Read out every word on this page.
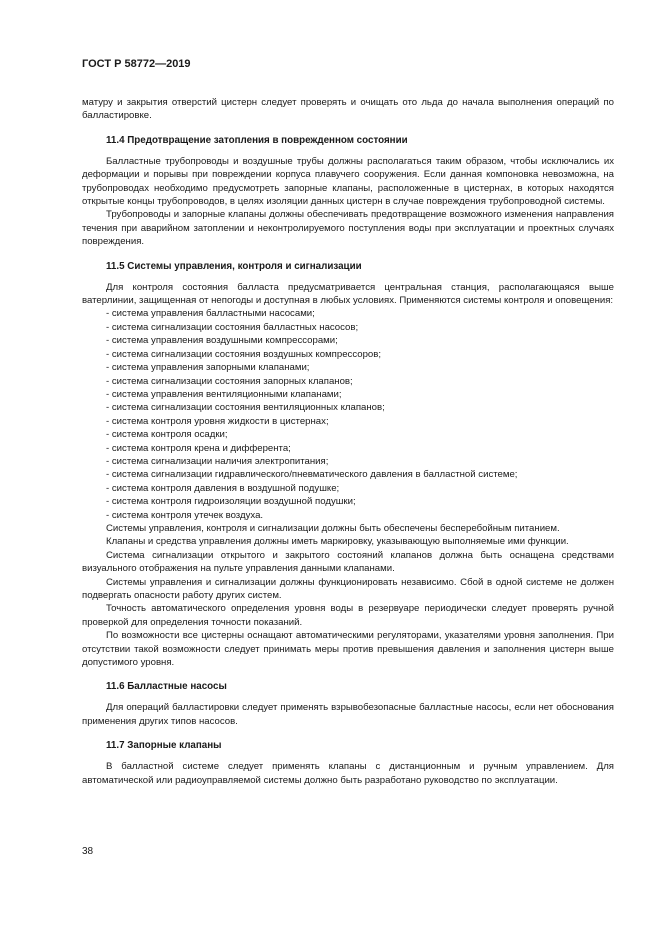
ГОСТ Р 58772—2019

матуру и закрытия отверстий цистерн следует проверять и очищать ото льда до начала выполнения операций по балластировке.

11.4 Предотвращение затопления в поврежденном состоянии

Балластные трубопроводы и воздушные трубы должны располагаться таким образом, чтобы исключались их деформации и порывы при повреждении корпуса плавучего сооружения. Если данная компоновка невозможна, на трубопроводах необходимо предусмотреть запорные клапаны, расположенные в цистернах, в которых находятся открытые концы трубопроводов, в целях изоляции данных цистерн в случае повреждения трубопроводной системы.

Трубопроводы и запорные клапаны должны обеспечивать предотвращение возможного изменения направления течения при аварийном затоплении и неконтролируемого поступления воды при эксплуатации и проектных случаях повреждения.

11.5 Системы управления, контроля и сигнализации

Для контроля состояния балласта предусматривается центральная станция, располагающаяся выше ватерлинии, защищенная от непогоды и доступная в любых условиях. Применяются системы контроля и оповещения:

- система управления балластными насосами;
- система сигнализации состояния балластных насосов;
- система управления воздушными компрессорами;
- система сигнализации состояния воздушных компрессоров;
- система управления запорными клапанами;
- система сигнализации состояния запорных клапанов;
- система управления вентиляционными клапанами;
- система сигнализации состояния вентиляционных клапанов;
- система контроля уровня жидкости в цистернах;
- система контроля осадки;
- система контроля крена и дифферента;
- система сигнализации наличия электропитания;
- система сигнализации гидравлического/пневматического давления в балластной системе;
- система контроля давления в воздушной подушке;
- система контроля гидроизоляции воздушной подушки;
- система контроля утечек воздуха.

Системы управления, контроля и сигнализации должны быть обеспечены бесперебойным питанием.

Клапаны и средства управления должны иметь маркировку, указывающую выполняемые ими функции.

Система сигнализации открытого и закрытого состояний клапанов должна быть оснащена средствами визуального отображения на пульте управления данными клапанами.

Системы управления и сигнализации должны функционировать независимо. Сбой в одной системе не должен подвергать опасности работу других систем.

Точность автоматического определения уровня воды в резервуаре периодически следует проверять ручной проверкой для определения точности показаний.

По возможности все цистерны оснащают автоматическими регуляторами, указателями уровня заполнения. При отсутствии такой возможности следует принимать меры против превышения давления и заполнения цистерн выше допустимого уровня.

11.6 Балластные насосы

Для операций балластировки следует применять взрывобезопасные балластные насосы, если нет обоснования применения других типов насосов.

11.7 Запорные клапаны

В балластной системе следует применять клапаны с дистанционным и ручным управлением. Для автоматической или радиоуправляемой системы должно быть разработано руководство по эксплуатации.

38
